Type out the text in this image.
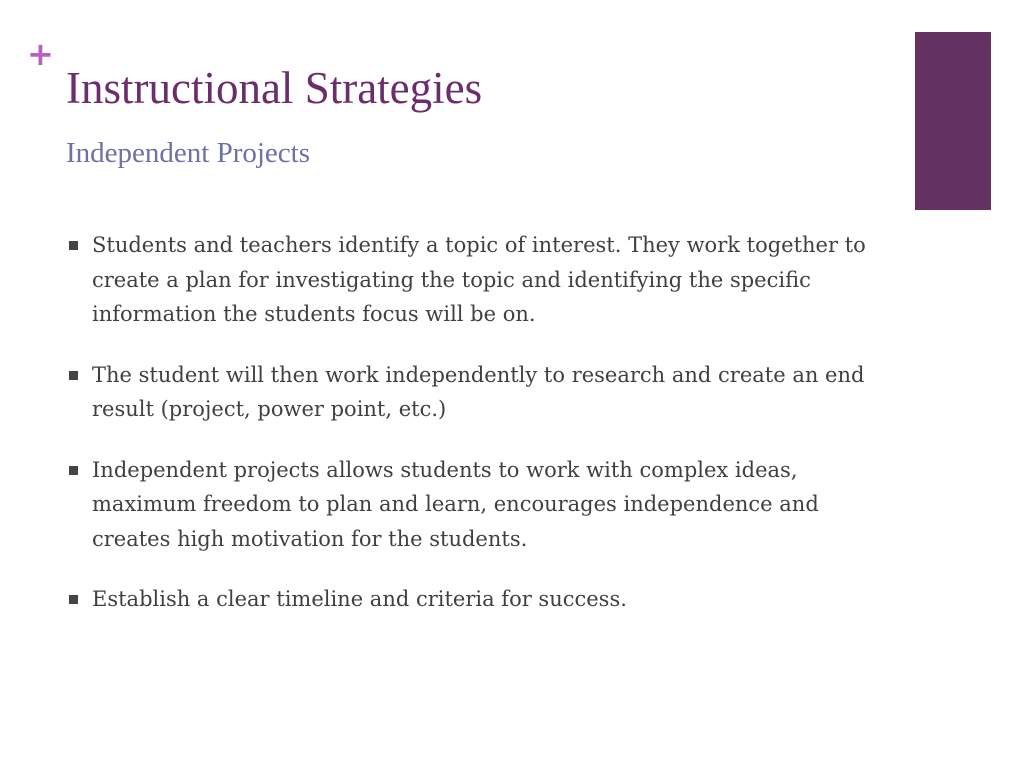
+
Instructional Strategies
Independent Projects
Students and teachers identify a topic of interest. They work together to create a plan for investigating the topic and identifying the specific information the students focus will be on.
The student will then work independently to research and create an end result (project, power point, etc.)
Independent projects allows students to work with complex ideas, maximum freedom to plan and learn, encourages independence and creates high motivation for the students.
Establish a clear timeline and criteria for success.
